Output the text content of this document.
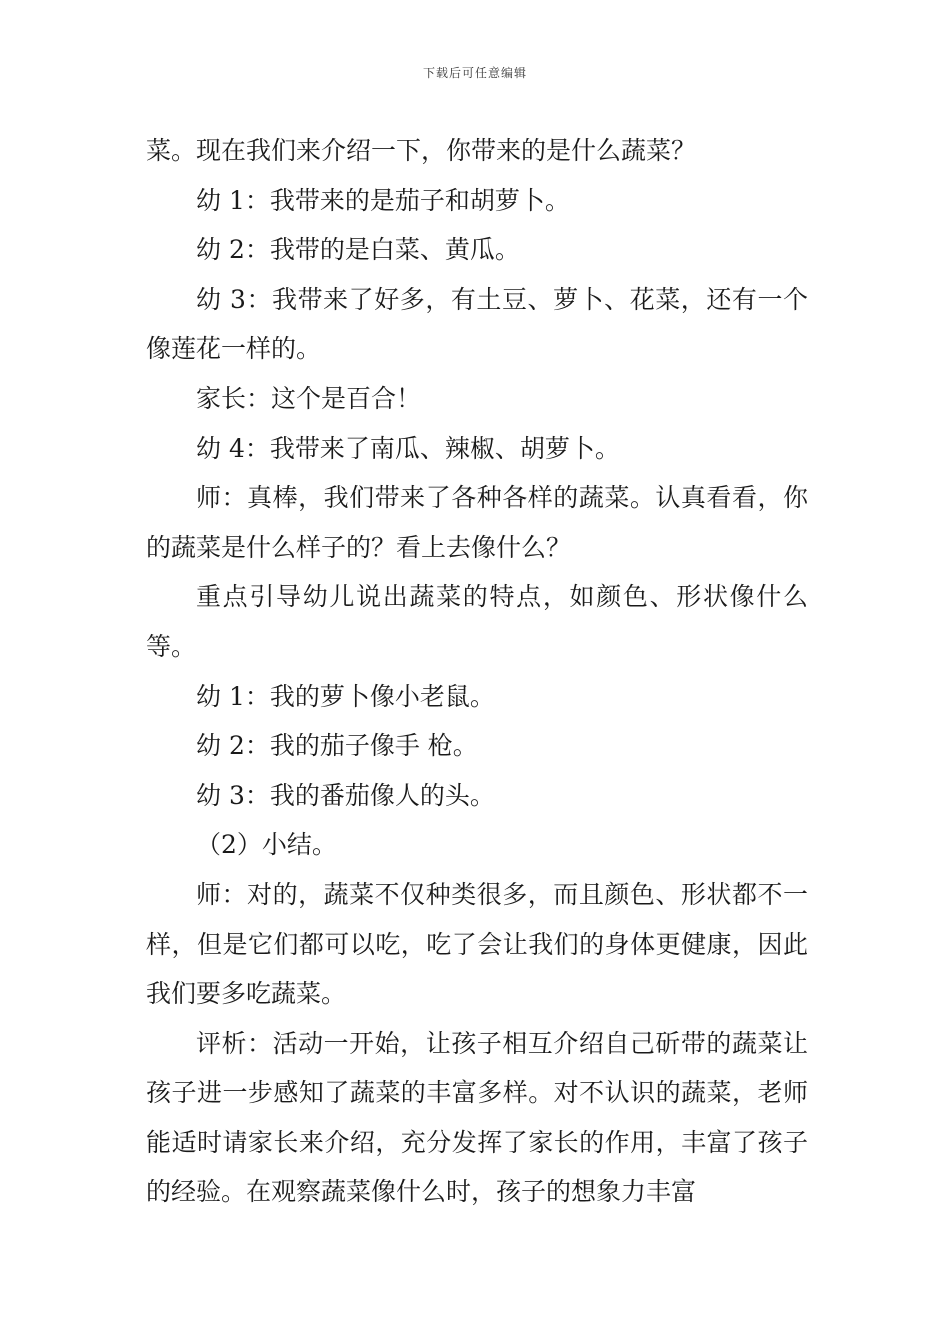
下载后可任意编辑

菜。现在我们来介绍一下，你带来的是什么蔬菜？

幼 1：我带来的是茄子和胡萝卜。

幼 2：我带的是白菜、黄瓜。

幼 3：我带来了好多，有土豆、萝卜、花菜，还有一个像莲花一样的。

家长：这个是百合！

幼 4：我带来了南瓜、辣椒、胡萝卜。

师：真棒，我们带来了各种各样的蔬菜。认真看看，你的蔬菜是什么样子的？看上去像什么？

重点引导幼儿说出蔬菜的特点，如颜色、形状像什么等。

幼 1：我的萝卜像小老鼠。

幼 2：我的茄子像手 枪。

幼 3：我的番茄像人的头。

（2）小结。

师：对的，蔬菜不仅种类很多，而且颜色、形状都不一样，但是它们都可以吃，吃了会让我们的身体更健康，因此我们要多吃蔬菜。

评析：活动一开始，让孩子相互介绍自己斫带的蔬菜让孩子进一步感知了蔬菜的丰富多样。对不认识的蔬菜，老师能适时请家长来介绍，充分发挥了家长的作用，丰富了孩子的经验。在观察蔬菜像什么时，孩子的想象力丰富
